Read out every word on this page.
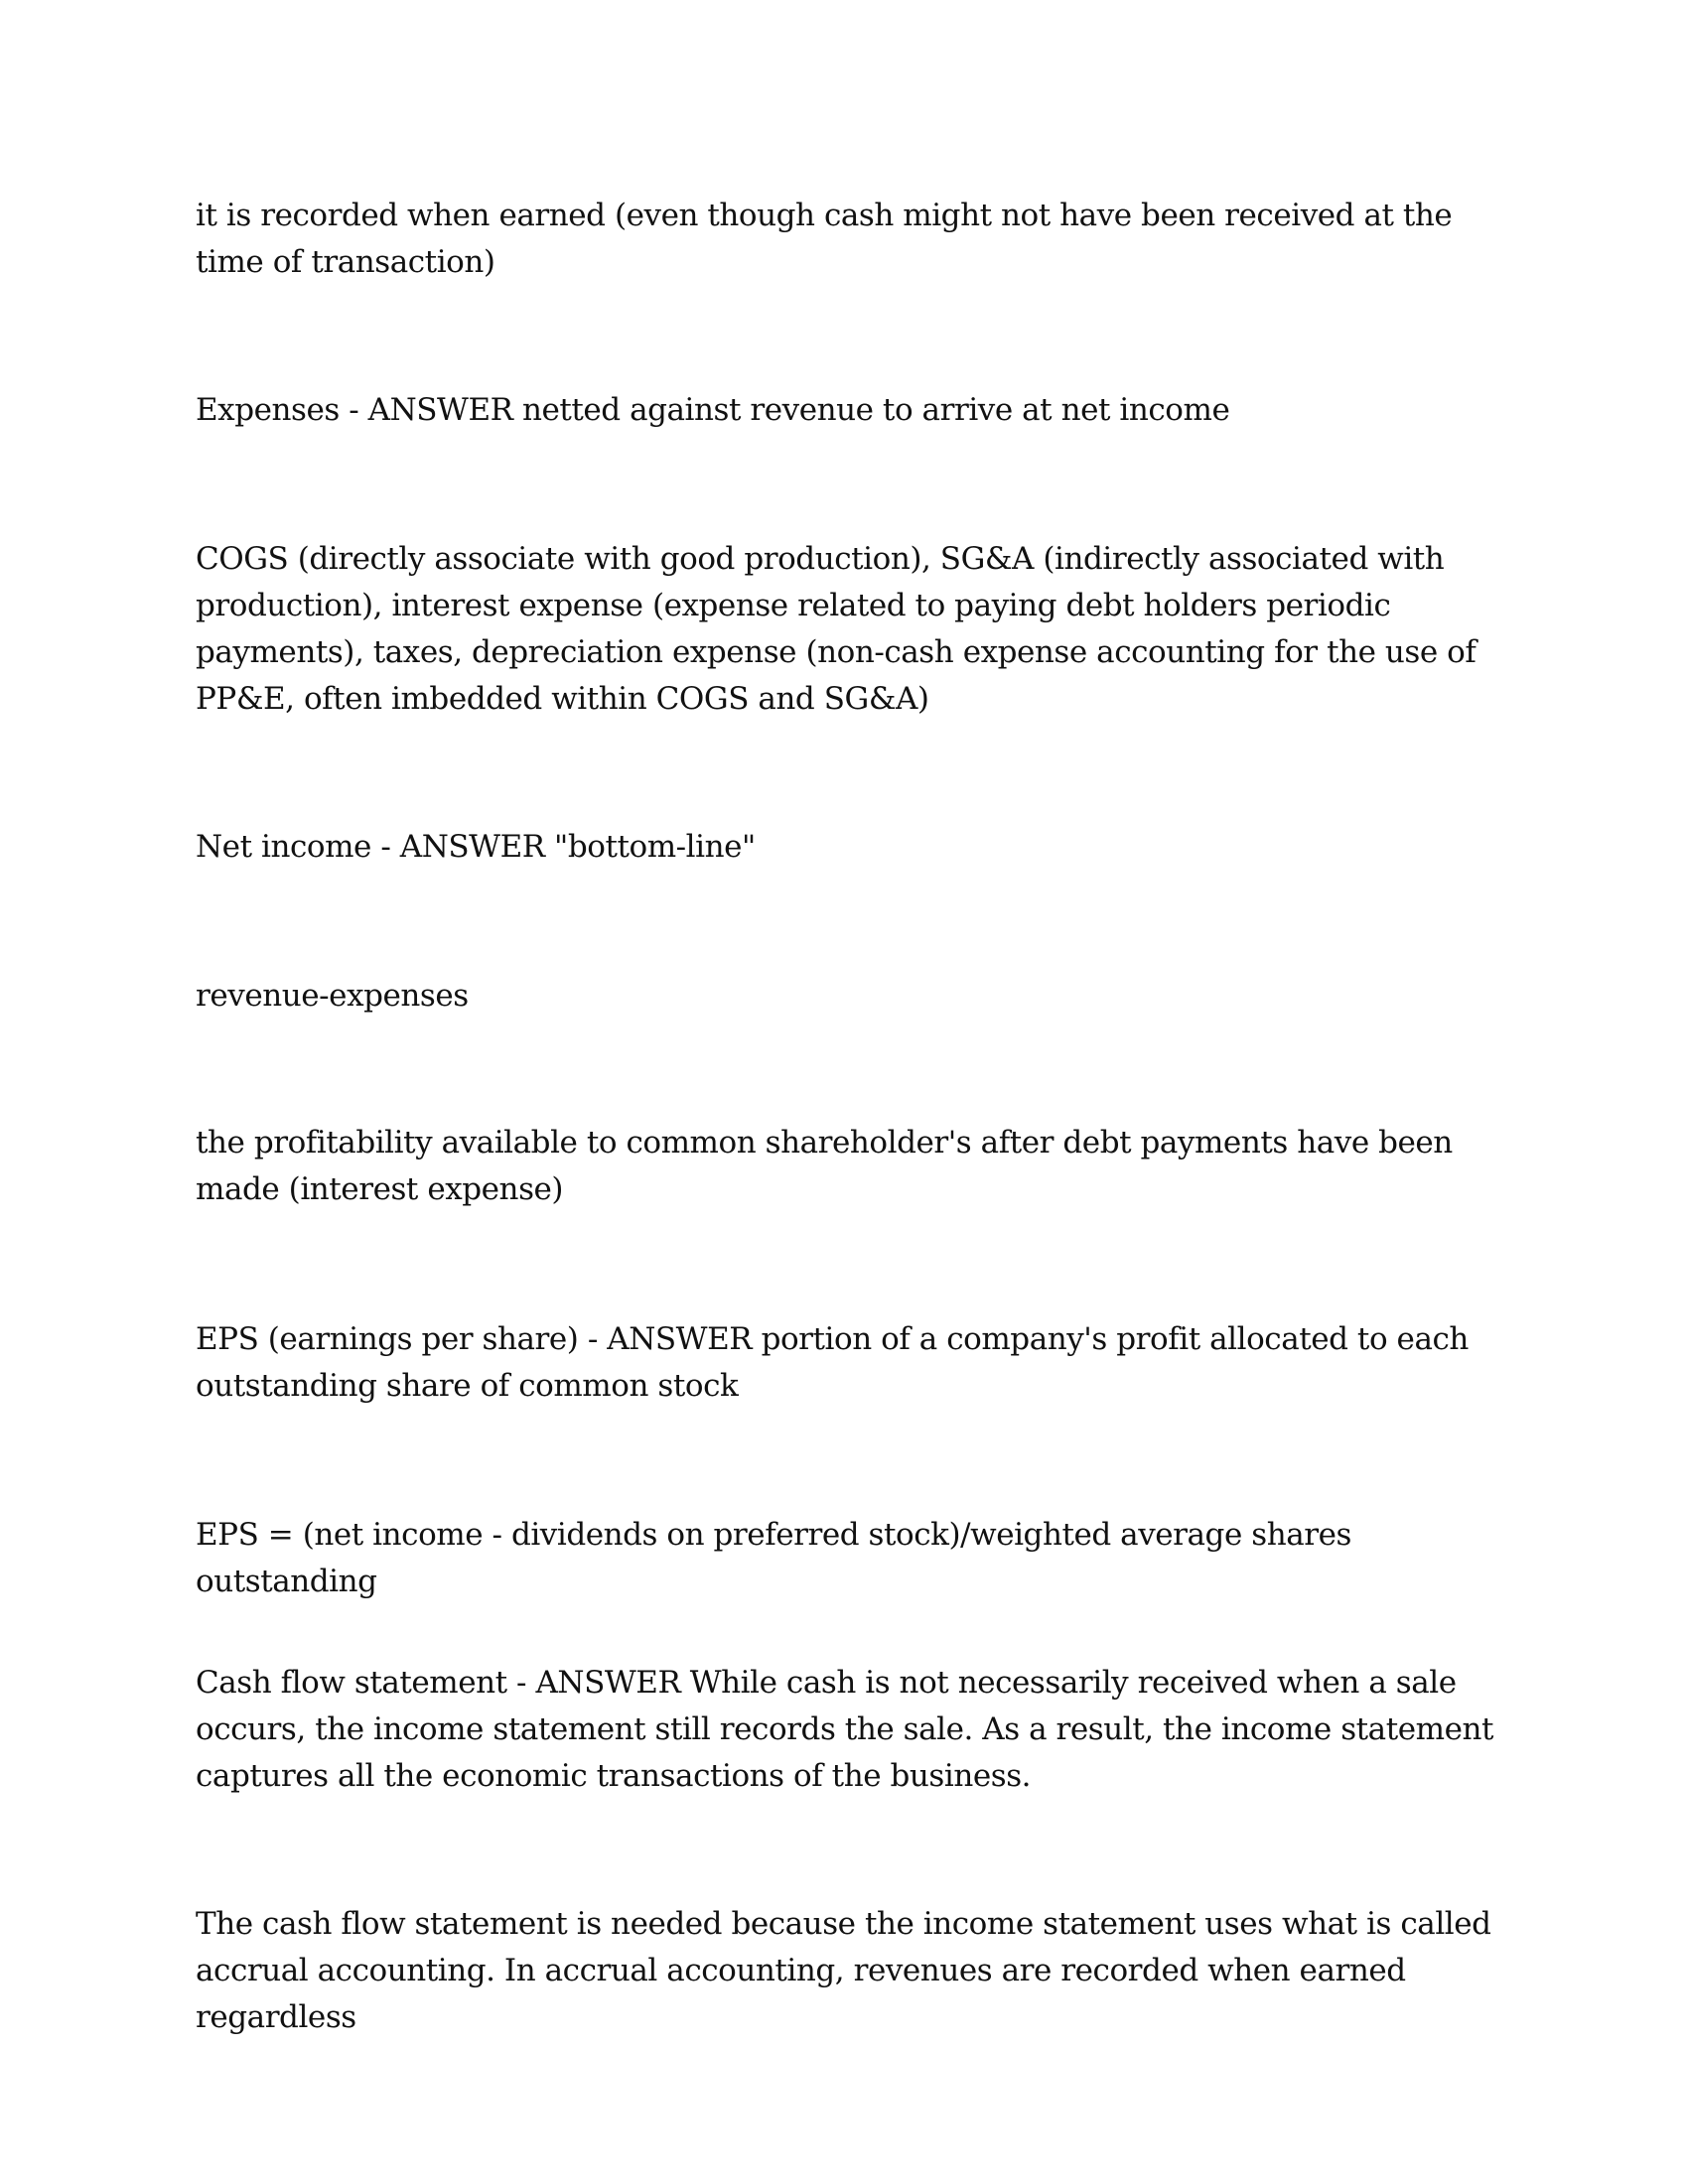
it is recorded when earned (even though cash might not have been received at the time of transaction)

Expenses - ANSWER netted against revenue to arrive at net income

COGS (directly associate with good production), SG&A (indirectly associated with production), interest expense (expense related to paying debt holders periodic payments), taxes, depreciation expense (non-cash expense accounting for the use of PP&E, often imbedded within COGS and SG&A)

Net income - ANSWER "bottom-line"

revenue-expenses

the profitability available to common shareholder's after debt payments have been made (interest expense)

EPS (earnings per share) - ANSWER portion of a company's profit allocated to each outstanding share of common stock

EPS = (net income - dividends on preferred stock)/weighted average shares outstanding

Cash flow statement - ANSWER While cash is not necessarily received when a sale occurs, the income statement still records the sale. As a result, the income statement captures all the economic transactions of the business.

The cash flow statement is needed because the income statement uses what is called accrual accounting. In accrual accounting, revenues are recorded when earned regardless
